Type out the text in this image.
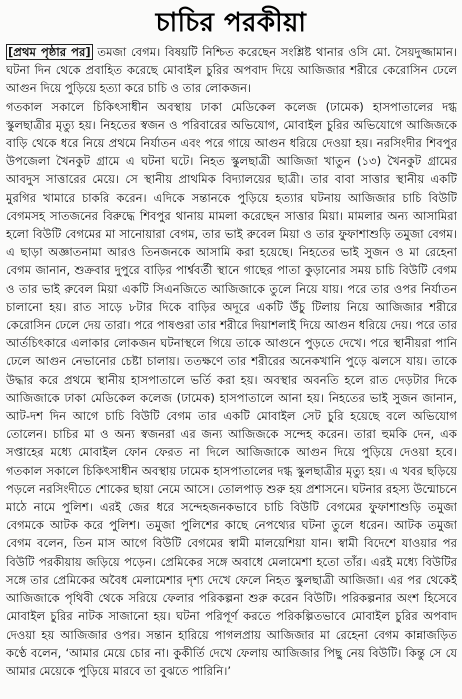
চাচির পরকীয়া

[প্রথম পৃষ্ঠার পর] তমজা বেগম। বিষয়টি নিশ্চিত করেছেন সংশ্লিষ্ট থানার ওসি মো. সৈয়দুজ্জামান। ঘটনা দিন থেকে প্রবাহিত করেছে মোবাইল চুরির অপবাদ দিয়ে আজিজার শরীরে কেরোসিন ঢেলে আগুন দিয়ে পুড়িয়ে হত্যা করে চাচি ও তার লোকজন।

গতকাল সকালে চিকিৎসাধীন অবস্থায় ঢাকা মেডিকেল কলেজ (ঢামেক) হাসপাতালের দগ্ধ স্কুলছাত্রীর মৃত্যু হয়। নিহতের স্বজন ও পরিবারের অভিযোগ, মোবাইল চুরির অভিযোগে আজিজকে বাড়ি থেকে ধরে নিয়ে প্রথমে নির্যাতন এবং পরে গায়ে আগুন ধরিয়ে দেওয়া হয়। নরসিংদীর শিবপুর উপজেলা খৈনকুট গ্রামে এ ঘটনা ঘটে। নিহত স্কুলছাত্রী আজিজা খাতুন (১৩) খৈনকুট গ্রামের আবদুস সাত্তারের মেয়ে। সে স্থানীয় প্রাথমিক বিদ্যালয়ের ছাত্রী। তার বাবা সাত্তার স্থানীয় একটি মুরগির খামারে চাকরি করেন। এদিকে সন্তানকে পুড়িয়ে হত্যার ঘটনায় আজিজার চাচি বিউটি বেগমসহ সাতজনের বিরুদ্ধে শিবপুর থানায় মামলা করেছেন সাত্তার মিয়া। মামলার অন্য আসামিরা হলো বিউটি বেগমের মা সানোয়ারা বেগম, তার ভাই রুবেল মিয়া ও তার ফুফাশাশুড়ি তমুজা বেগম। এ ছাড়া অজ্ঞাতনামা আরও তিনজনকে আসামি করা হয়েছে। নিহতের ভাই সুজন ও মা রেহেনা বেগম জানান, শুক্রবার দুপুরে বাড়ির পার্শ্ববর্তী স্থানে গাছের পাতা কুড়ানোর সময় চাচি বিউটি বেগম ও তার ভাই রুবেল মিয়া একটি সিএনজিতে আজিজাকে তুলে নিয়ে যায়। পরে তার ওপর নির্যাতন চালানো হয়। রাত সাড়ে ৮টার দিকে বাড়ির অদূরে একটি উঁচু টিলায় নিয়ে আজিজার শরীরে কেরোসিন ঢেলে দেয় তারা। পরে পাষণ্ডরা তার শরীরে দিয়াশলাই দিয়ে আগুন ধরিয়ে দেয়। পরে তার আর্তচিৎকারে এলাকার লোকজন ঘটনাস্থলে গিয়ে তাকে আগুনে পুড়তে দেখে। পরে স্থানীয়রা পানি ঢেলে আগুন নেভানোর চেষ্টা চালায়। ততক্ষণে তার শরীরের অনেকখানি পুড়ে ঝলসে যায়। তাকে উদ্ধার করে প্রথমে স্থানীয় হাসপাতালে ভর্তি করা হয়। অবস্থার অবনতি হলে রাত দেড়টার দিকে আজিজাকে ঢাকা মেডিকেল কলেজ (ঢামেক) হাসপাতালে আনা হয়। নিহতের ভাই সুজন জানান, আট-দশ দিন আগে চাচি বিউটি বেগম তার একটি মোবাইল সেট চুরি হয়েছে বলে অভিযোগ তোলেন। চাচির মা ও অন্য স্বজনরা এর জন্য আজিজকে সন্দেহ করেন। তারা হুমকি দেন, এক সপ্তাহের মধ্যে মোবাইল ফোন ফেরত না দিলে আজিজাকে আগুন দিয়ে পুড়িয়ে দেওয়া হবে। গতকাল সকালে চিকিৎসাধীন অবস্থায় ঢামেক হাসপাতালের দগ্ধ স্কুলছাত্রীর মৃত্যু হয়। এ খবর ছড়িয়ে পড়লে নরসিংদীতে শোকের ছায়া নেমে আসে। তোলপাড় শুরু হয় প্রশাসনে। ঘটনার রহস্য উন্মোচনে মাঠে নামে পুলিশ। এরই জের ধরে সন্দেহজনকভাবে চাচি বিউটি বেগমের ফুফাশাশুড়ি তমুজা বেগমকে আটক করে পুলিশ। তমুজা পুলিশের কাছে নেপথ্যের ঘটনা তুলে ধরেন। আটক তমুজা বেগম বলেন, তিন মাস আগে বিউটি বেগমের স্বামী মালয়েশিয়া যান। স্বামী বিদেশে যাওয়ার পর বিউটি পরকীয়ায় জড়িয়ে পড়েন। প্রেমিকের সঙ্গে অবাধে মেলামেশা হতো তাঁর। এরই মধ্যে বিউটির সঙ্গে তার প্রেমিকের অবৈধ মেলামেশার দৃশ্য দেখে ফেলে নিহত স্কুলছাত্রী আজিজা। এর পর থেকেই আজিজাকে পৃথিবী থেকে সরিয়ে ফেলার পরিকল্পনা শুরু করেন বিউটি। পরিকল্পনার অংশ হিসেবে মোবাইল চুরির নাটক সাজানো হয়। ঘটনা পরিপূর্ণ করতে পরিকল্পিতভাবে মোবাইল চুরির অপবাদ দেওয়া হয় আজিজার ওপর। সন্তান হারিয়ে পাগলপ্রায় আজিজার মা রেহেনা বেগম কান্নাজড়িত কণ্ঠে বলেন, ‘আমার মেয়ে চোর না। কুকীর্তি দেখে ফেলায় আজিজার পিছু নেয় বিউটি। কিন্তু সে যে আমার মেয়েকে পুড়িয়ে মারবে তা বুঝতে পারিনি।’
